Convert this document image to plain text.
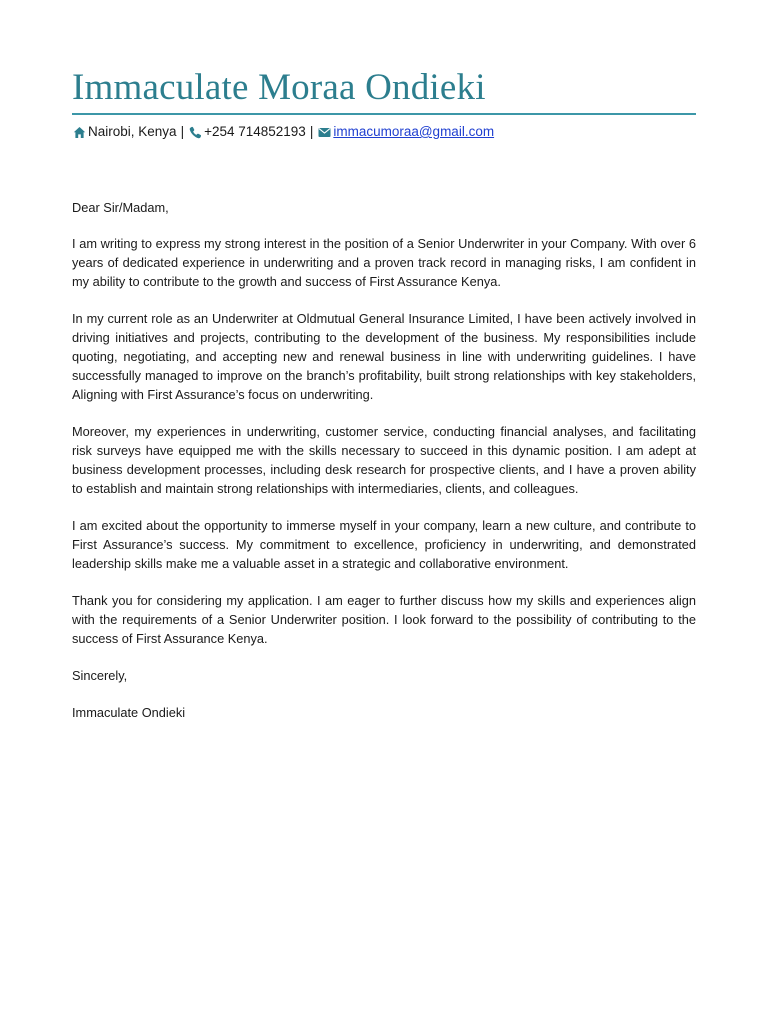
Immaculate Moraa Ondieki
Nairobi, Kenya | +254 714852193 | immacumoraa@gmail.com

Dear Sir/Madam,

I am writing to express my strong interest in the position of a Senior Underwriter in your Company. With over 6 years of dedicated experience in underwriting and a proven track record in managing risks, I am confident in my ability to contribute to the growth and success of First Assurance Kenya.

In my current role as an Underwriter at Oldmutual General Insurance Limited, I have been actively involved in driving initiatives and projects, contributing to the development of the business. My responsibilities include quoting, negotiating, and accepting new and renewal business in line with underwriting guidelines. I have successfully managed to improve on the branch’s profitability, built strong relationships with key stakeholders, Aligning with First Assurance’s focus on underwriting.

Moreover, my experiences in underwriting, customer service, conducting financial analyses, and facilitating risk surveys have equipped me with the skills necessary to succeed in this dynamic position. I am adept at business development processes, including desk research for prospective clients, and I have a proven ability to establish and maintain strong relationships with intermediaries, clients, and colleagues.

I am excited about the opportunity to immerse myself in your company, learn a new culture, and contribute to First Assurance’s success. My commitment to excellence, proficiency in underwriting, and demonstrated leadership skills make me a valuable asset in a strategic and collaborative environment.

Thank you for considering my application. I am eager to further discuss how my skills and experiences align with the requirements of a Senior Underwriter position. I look forward to the possibility of contributing to the success of First Assurance Kenya.

Sincerely,

Immaculate Ondieki
